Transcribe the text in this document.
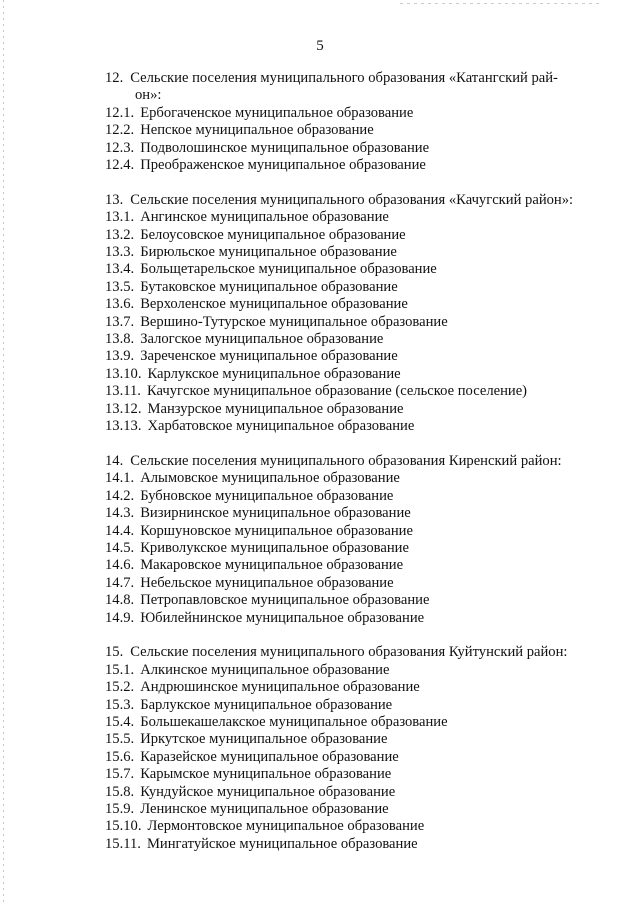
5
12. Сельские поселения муниципального образования «Катангский рай-
он»:
12.1. Ербогаченское муниципальное образование
12.2. Непское муниципальное образование
12.3. Подволошинское муниципальное образование
12.4. Преображенское муниципальное образование
13. Сельские поселения муниципального образования «Качугский район»:
13.1. Ангинское муниципальное образование
13.2. Белоусовское муниципальное образование
13.3. Бирюльское муниципальное образование
13.4. Больщетарельское муниципальное образование
13.5. Бутаковское муниципальное образование
13.6. Верхоленское муниципальное образование
13.7. Вершино-Тутурское муниципальное образование
13.8. Залогское муниципальное образование
13.9. Зареченское муниципальное образование
13.10. Карлукское муниципальное образование
13.11. Качугское муниципальное образование (сельское поселение)
13.12. Манзурское муниципальное образование
13.13. Харбатовское муниципальное образование
14. Сельские поселения муниципального образования Киренский район:
14.1. Алымовское муниципальное образование
14.2. Бубновское муниципальное образование
14.3. Визирнинское муниципальное образование
14.4. Коршуновское муниципальное образование
14.5. Криволукское муниципальное образование
14.6. Макаровское муниципальное образование
14.7. Небельское муниципальное образование
14.8. Петропавловское муниципальное образование
14.9. Юбилейнинское муниципальное образование
15. Сельские поселения муниципального образования Куйтунский район:
15.1. Алкинское муниципальное образование
15.2. Андрюшинское муниципальное образование
15.3. Барлукское муниципальное образование
15.4. Большекашелакское муниципальное образование
15.5. Иркутское муниципальное образование
15.6. Каразейское муниципальное образование
15.7. Карымское муниципальное образование
15.8. Кундуйское муниципальное образование
15.9. Ленинское муниципальное образование
15.10. Лермонтовское муниципальное образование
15.11. Мингатуйское муниципальное образование
